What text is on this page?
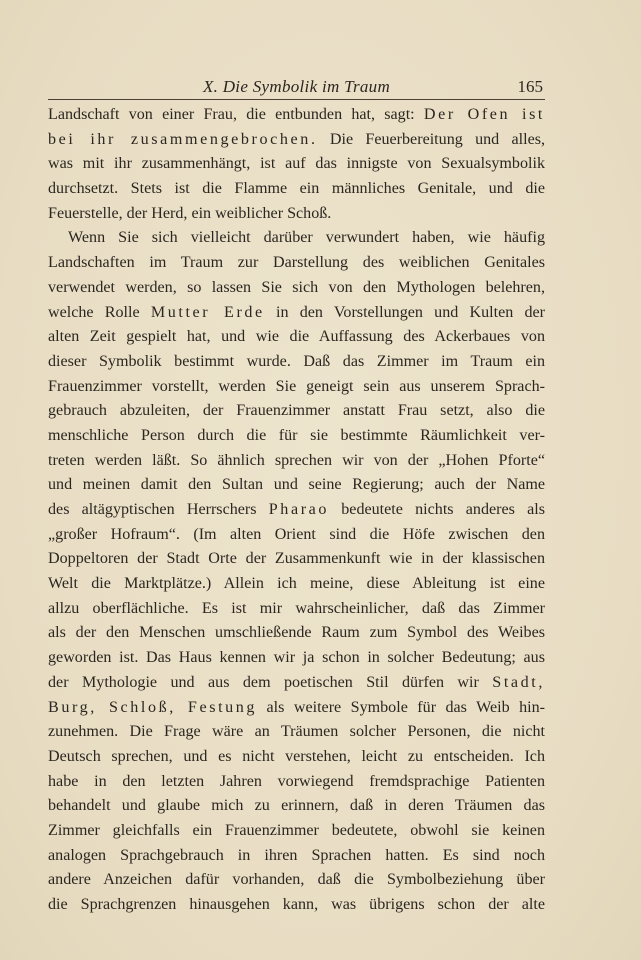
X. Die Symbolik im Traum	165
Landschaft von einer Frau, die entbunden hat, sagt: Der Ofen ist
bei ihr zusammengebrochen. Die Feuerbereitung und alles,
was mit ihr zusammenhängt, ist auf das innigste von Sexualsymbolik
durchsetzt. Stets ist die Flamme ein männliches Genitale, und die
Feuerstelle, der Herd, ein weiblicher Schoß.
Wenn Sie sich vielleicht darüber verwundert haben, wie häufig
Landschaften im Traum zur Darstellung des weiblichen Genitales
verwendet werden, so lassen Sie sich von den Mythologen belehren,
welche Rolle Mutter Erde in den Vorstellungen und Kulten der
alten Zeit gespielt hat, und wie die Auffassung des Ackerbaues von
dieser Symbolik bestimmt wurde. Daß das Zimmer im Traum ein
Frauenzimmer vorstellt, werden Sie geneigt sein aus unserem Sprach-
gebrauch abzuleiten, der Frauenzimmer anstatt Frau setzt, also die
menschliche Person durch die für sie bestimmte Räumlichkeit ver-
treten werden läßt. So ähnlich sprechen wir von der „Hohen Pforte“
und meinen damit den Sultan und seine Regierung; auch der Name
des altägyptischen Herrschers Pharao bedeutete nichts anderes als
„großer Hofraum“. (Im alten Orient sind die Höfe zwischen den
Doppeltoren der Stadt Orte der Zusammenkunft wie in der klassischen
Welt die Marktplätze.) Allein ich meine, diese Ableitung ist eine
allzu oberflächliche. Es ist mir wahrscheinlicher, daß das Zimmer
als der den Menschen umschließende Raum zum Symbol des Weibes
geworden ist. Das Haus kennen wir ja schon in solcher Bedeutung; aus
der Mythologie und aus dem poetischen Stil dürfen wir Stadt,
Burg, Schloß, Festung als weitere Symbole für das Weib hin-
zunehmen. Die Frage wäre an Träumen solcher Personen, die nicht
Deutsch sprechen, und es nicht verstehen, leicht zu entscheiden. Ich
habe in den letzten Jahren vorwiegend fremdsprachige Patienten
behandelt und glaube mich zu erinnern, daß in deren Träumen das
Zimmer gleichfalls ein Frauenzimmer bedeutete, obwohl sie keinen
analogen Sprachgebrauch in ihren Sprachen hatten. Es sind noch
andere Anzeichen dafür vorhanden, daß die Symbolbeziehung über
die Sprachgrenzen hinausgehen kann, was übrigens schon der alte
